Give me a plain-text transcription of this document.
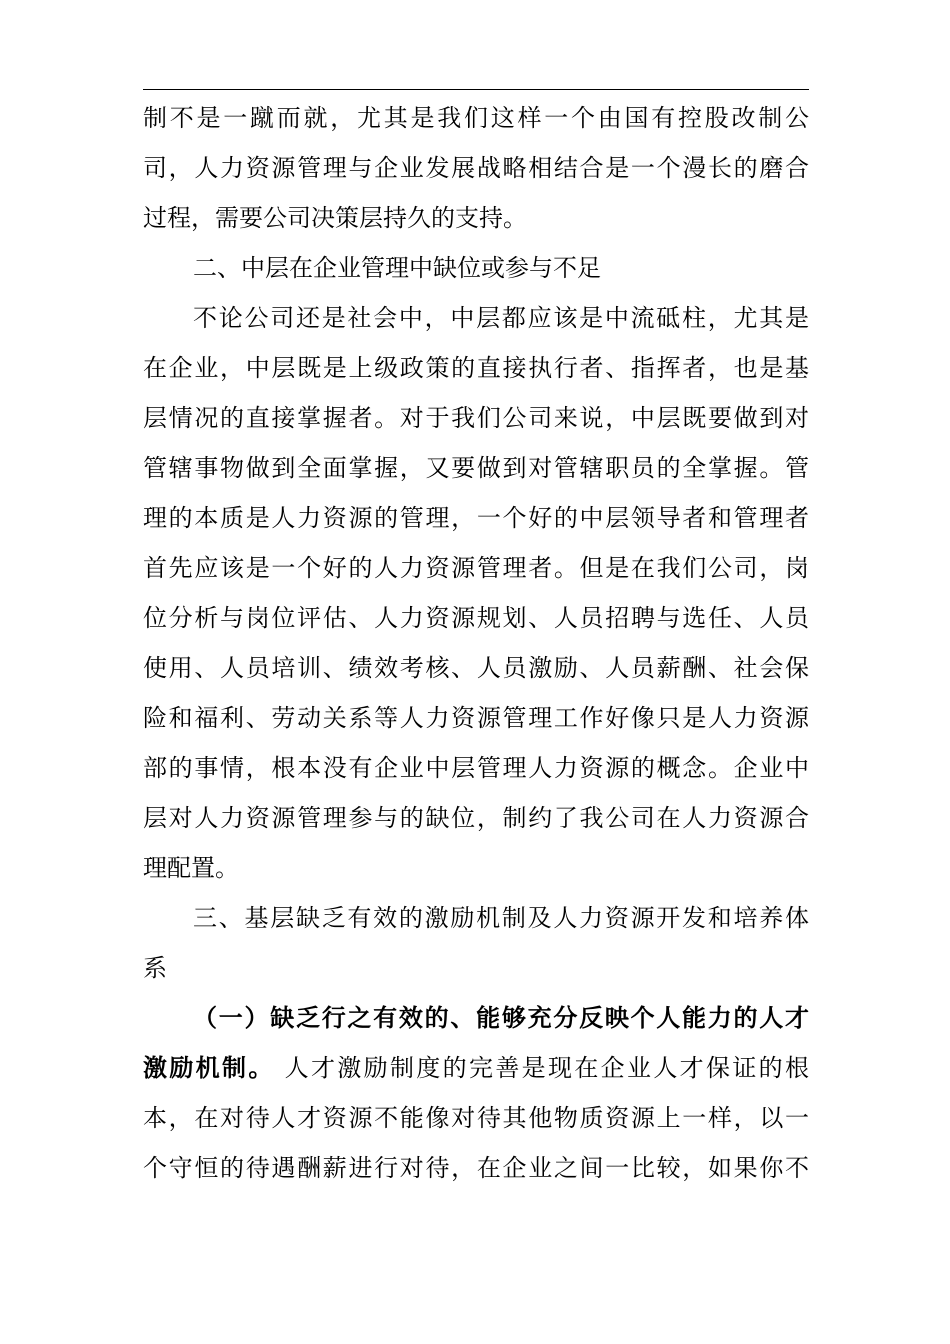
制不是一蹴而就，尤其是我们这样一个由国有控股改制公
司，人力资源管理与企业发展战略相结合是一个漫长的磨合
过程，需要公司决策层持久的支持。
二、中层在企业管理中缺位或参与不足
不论公司还是社会中，中层都应该是中流砥柱，尤其是
在企业，中层既是上级政策的直接执行者、指挥者，也是基
层情况的直接掌握者。对于我们公司来说，中层既要做到对
管辖事物做到全面掌握，又要做到对管辖职员的全掌握。管
理的本质是人力资源的管理，一个好的中层领导者和管理者
首先应该是一个好的人力资源管理者。但是在我们公司，岗
位分析与岗位评估、人力资源规划、人员招聘与选任、人员
使用、人员培训、绩效考核、人员激励、人员薪酬、社会保
险和福利、劳动关系等人力资源管理工作好像只是人力资源
部的事情，根本没有企业中层管理人力资源的概念。企业中
层对人力资源管理参与的缺位，制约了我公司在人力资源合
理配置。
三、基层缺乏有效的激励机制及人力资源开发和培养体
系
（一）缺乏行之有效的、能够充分反映个人能力的人才
激励机制。 人才激励制度的完善是现在企业人才保证的根
本，在对待人才资源不能像对待其他物质资源上一样，以一
个守恒的待遇酬薪进行对待，在企业之间一比较，如果你不
